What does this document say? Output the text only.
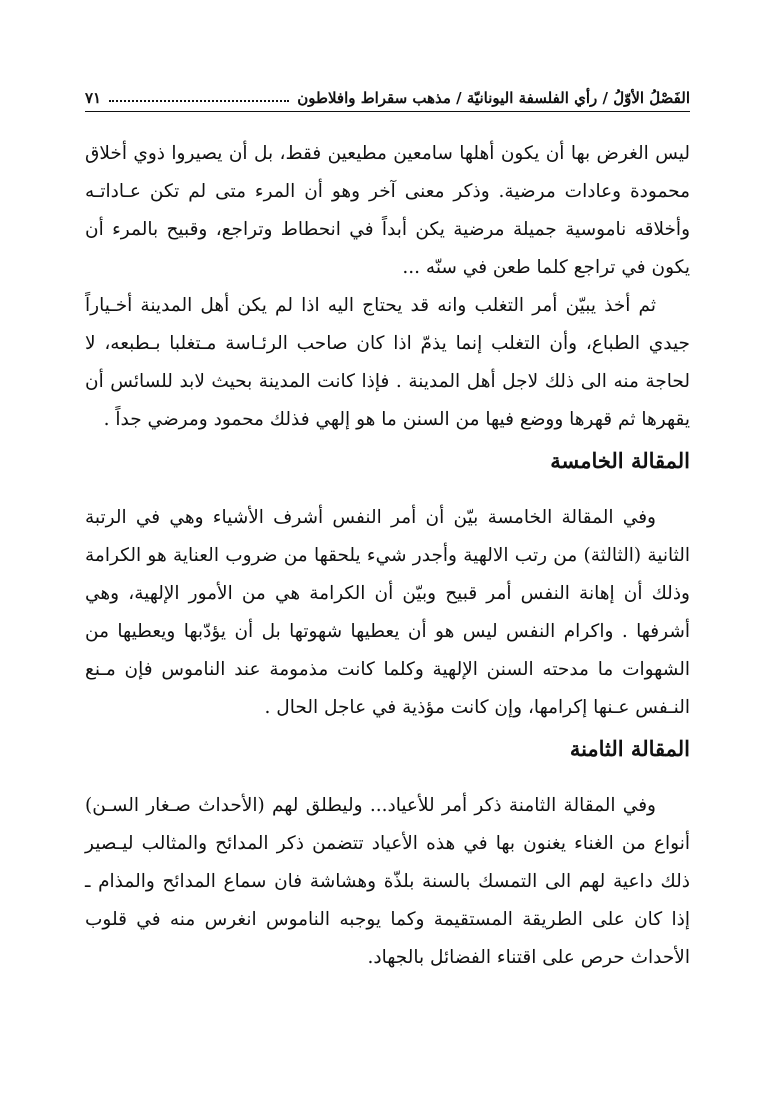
الفَصْلُ الأوّلُ / رأي الفلسفة اليونانيّة / مذهب سقراط وافلاطون
٧١

ليس الغرض بها أن يكون أهلها سامعين مطيعين فقط، بل أن يصيروا ذوي أخلاق محمودة وعادات مرضية. وذكر معنى آخر وهو أن المرء متى لم تكن عـاداتـه وأخلاقه ناموسية جميلة مرضية يكن أبداً في انحطاط وتراجع، وقبيح بالمرء أن يكون في تراجع كلما طعن في سنّه ...

ثم أخذ يبيّن أمر التغلب وانه قد يحتاج اليه اذا لم يكن أهل المدينة أخـياراً جيدي الطباع، وأن التغلب إنما يذمّ اذا كان صاحب الرئـاسة مـتغلبا بـطبعه، لا لحاجة منه الى ذلك لاجل أهل المدينة . فإذا كانت المدينة بحيث لابد للسائس أن يقهرها ثم قهرها ووضع فيها من السنن ما هو إلهي فذلك محمود ومرضي جداً .

المقالة الخامسة

وفي المقالة الخامسة بيّن أن أمر النفس أشرف الأشياء وهي في الرتبة الثانية (الثالثة) من رتب الالهية وأجدر شيء يلحقها من ضروب العناية هو الكرامة وذلك أن إهانة النفس أمر قبيح وبيّن أن الكرامة هي من الأمور الإلهية، وهي أشرفها . واكرام النفس ليس هو أن يعطيها شهوتها بل أن يؤدّبها ويعطيها من الشهوات ما مدحته السنن الإلهية وكلما كانت مذمومة عند الناموس فإن مـنع النـفس عـنها إكرامها، وإن كانت مؤذية في عاجل الحال .

المقالة الثامنة

وفي المقالة الثامنة ذكر أمر للأعياد... وليطلق لهم (الأحداث صـغار السـن) أنواع من الغناء يغنون بها في هذه الأعياد تتضمن ذكر المدائح والمثالب ليـصير ذلك داعية لهم الى التمسك بالسنة بلذّة وهشاشة فان سماع المدائح والمذام ـ إذا كان على الطريقة المستقيمة وكما يوجبه الناموس انغرس منه في قلوب الأحداث حرص على اقتناء الفضائل بالجهاد.
